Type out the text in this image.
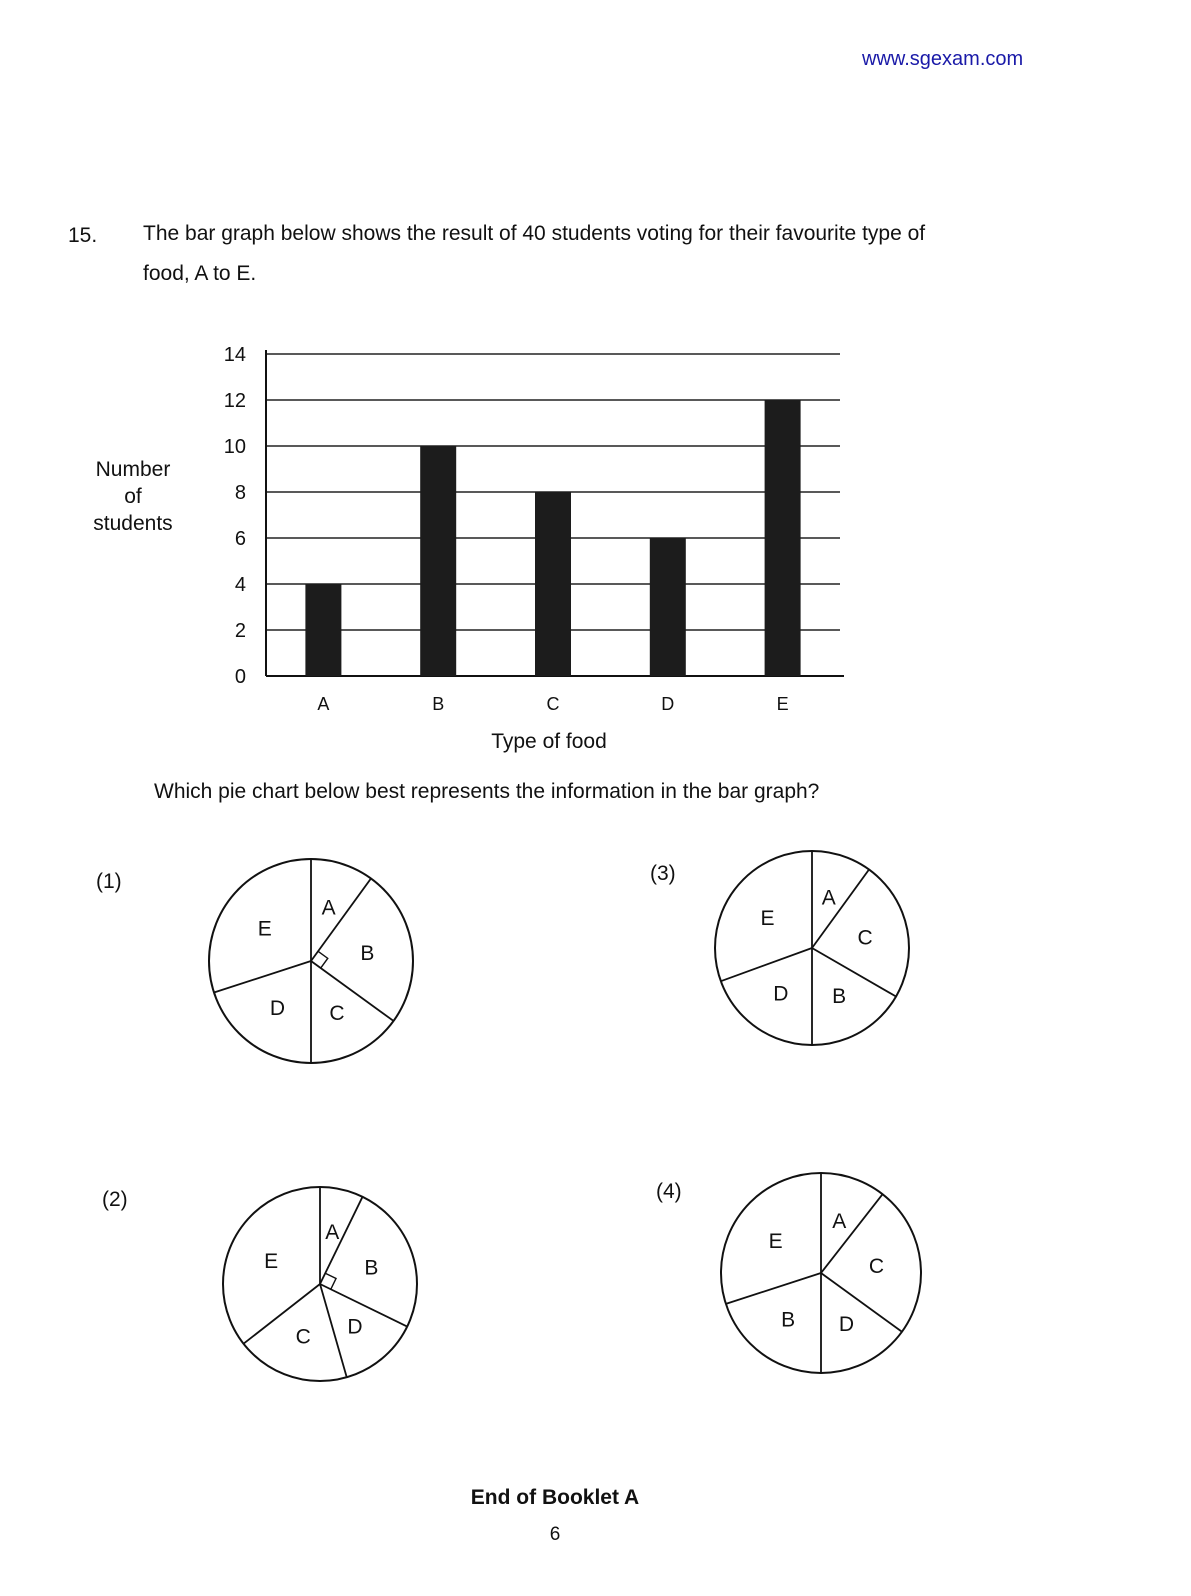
www.sgexam.com
15. The bar graph below shows the result of 40 students voting for their favourite type of food, A to E.
Number
of
students
0
2
4
6
8
10
12
14
A	B	C	D	E
Type of food
Which pie chart below best represents the information in the bar graph?
(1)	(3)
(2)	(4)
A
B
C
D
E
A
C
B
D
E
A
B
D
C
E
A
C
D
B
E
End of Booklet A
6
